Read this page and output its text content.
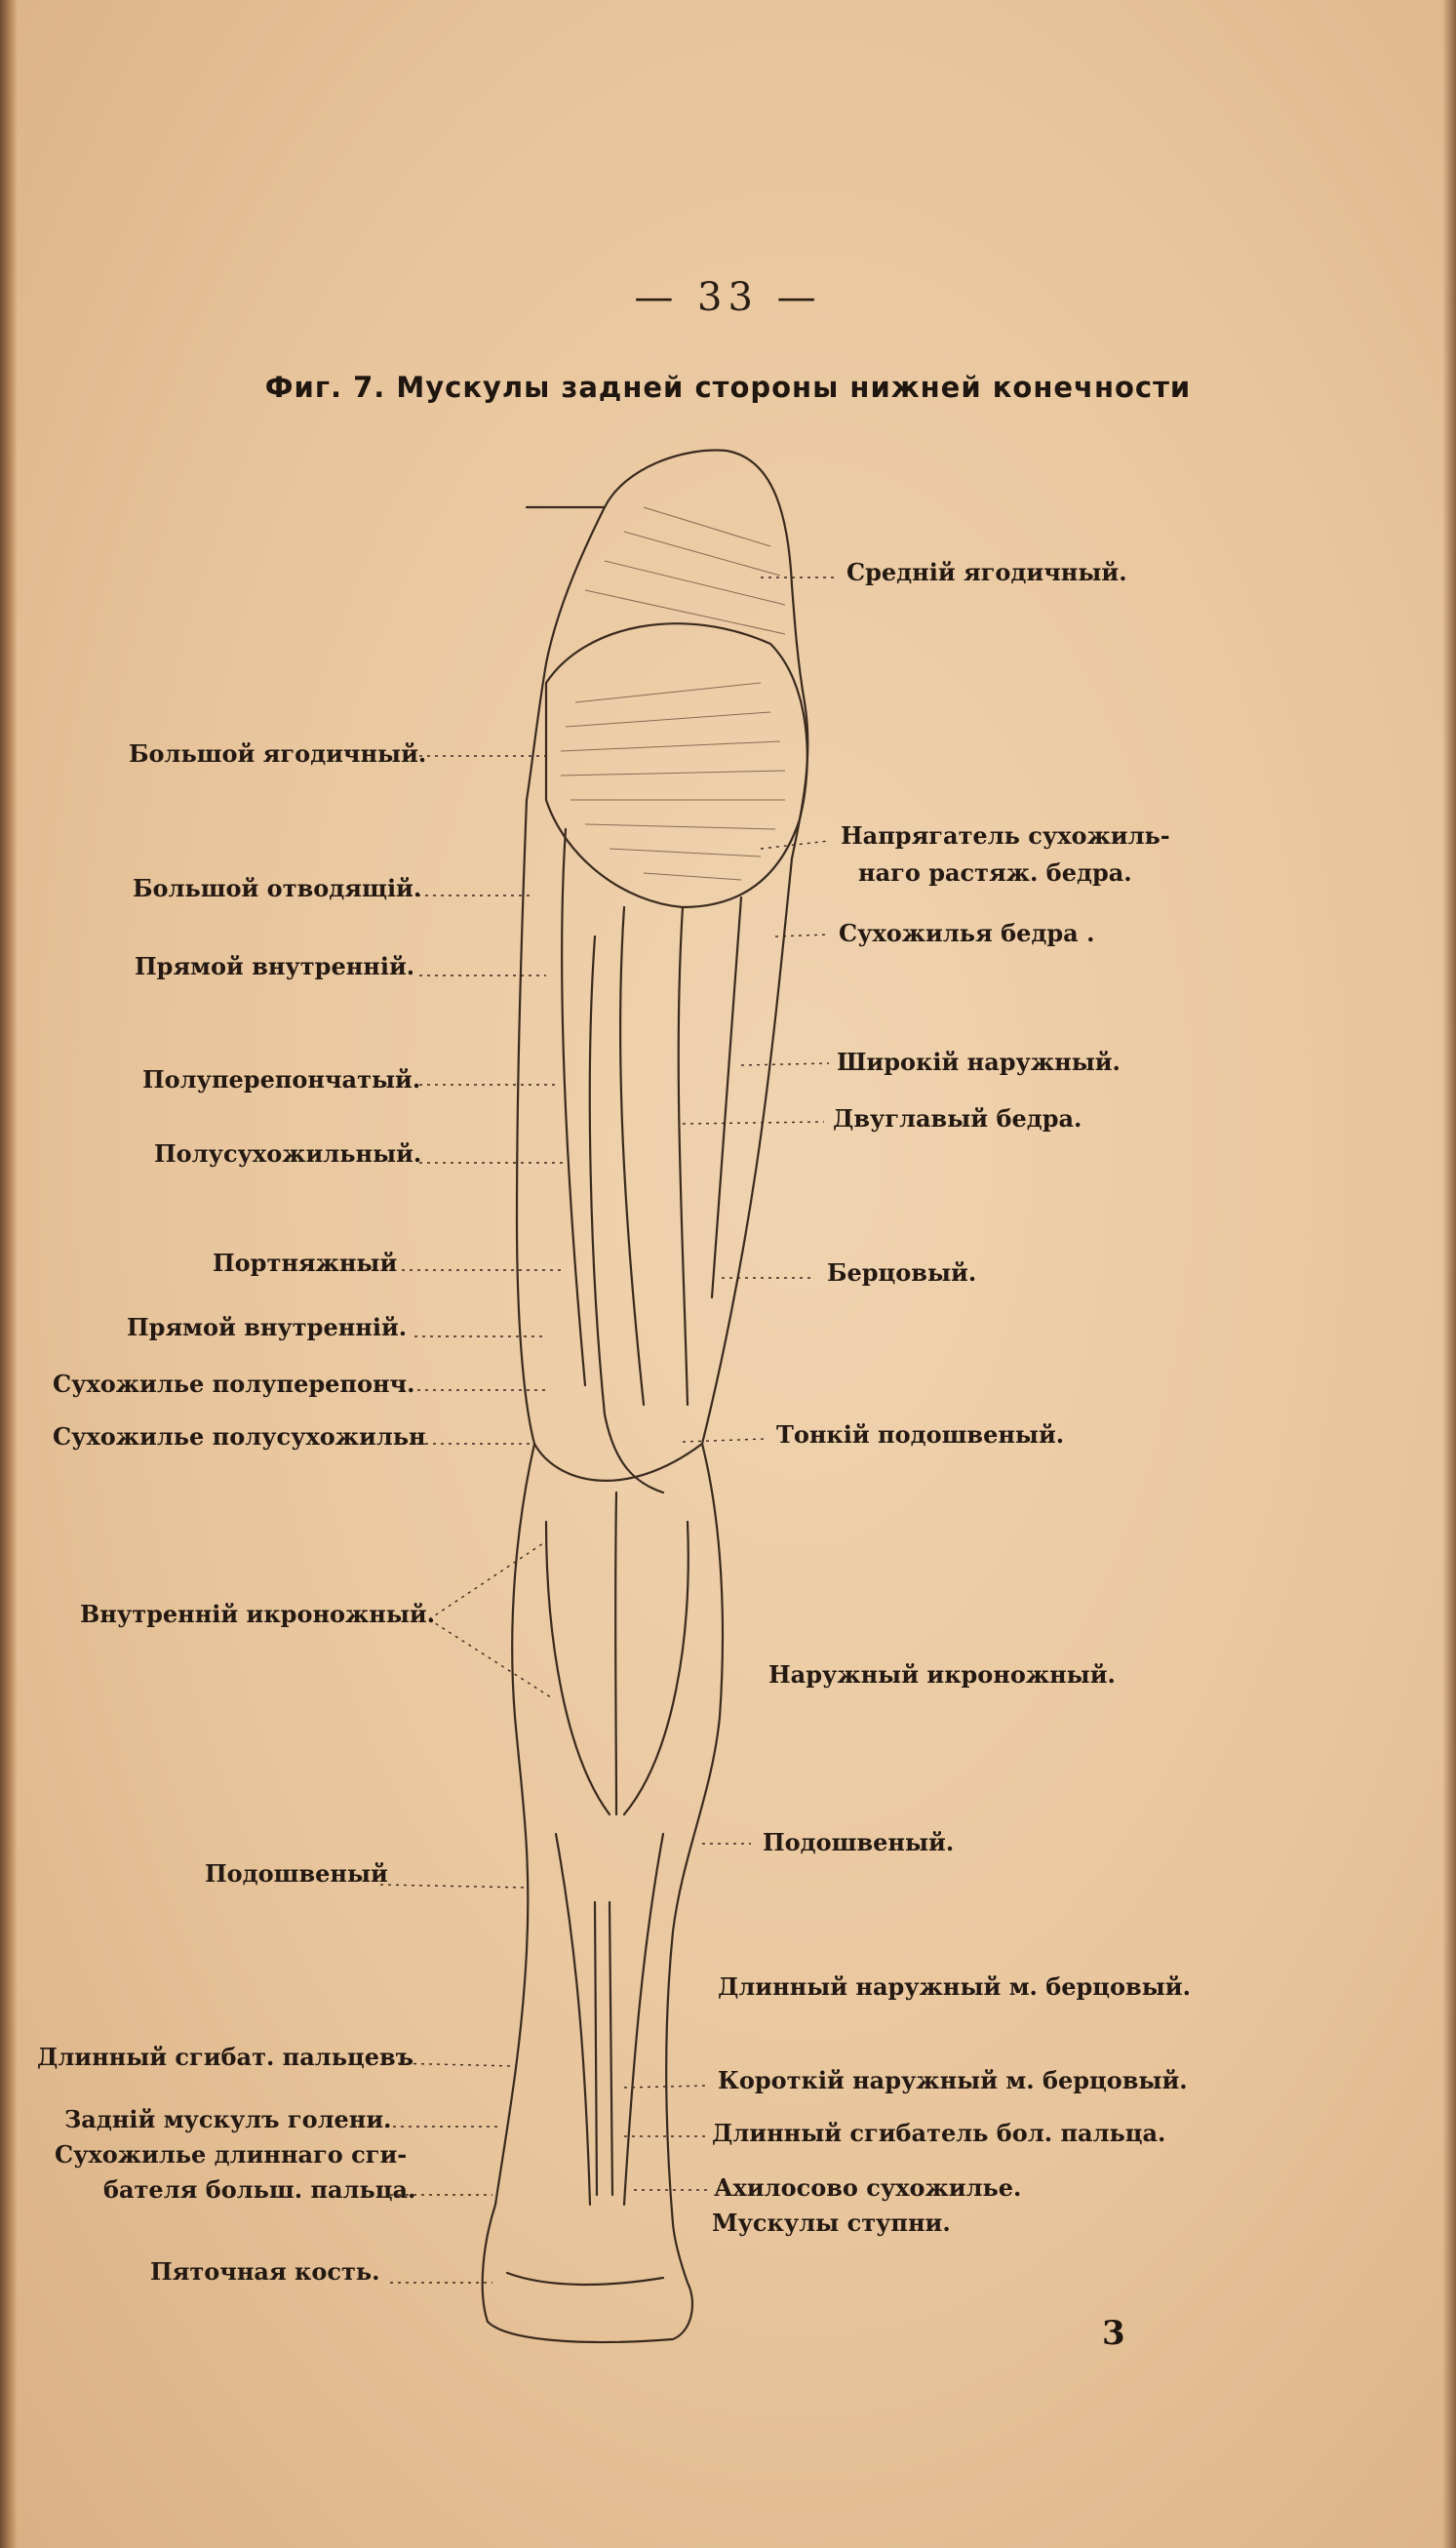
— 33 —
Фиг. 7. Мускулы задней стороны нижней конечности
Большой ягодичный.
Большой отводящій.
Прямой внутренній.
Полуперепончатый.
Полусухожильный.
Портняжный
Прямой внутренній.
Сухожилье полуперепонч.
Сухожилье полусухожильн
Внутренній икроножный.
Подошвеный
Длинный сгибат. пальцевъ
Задній мускулъ голени.
Сухожилье длиннаго сги-
бателя больш. пальца.
Пяточная кость.
Средній ягодичный.
Напрягатель сухожиль-
наго растяж. бедра.
Сухожилья бедра .
Широкій наружный.
Двуглавый бедра.
Берцовый.
Тонкій подошвеный.
Наружный икроножный.
Подошвеный.
Длинный наружный м. берцовый.
Короткій наружный м. берцовый.
Длинный сгибатель бол. пальца.
Ахилосово сухожилье.
Мускулы ступни.
3
